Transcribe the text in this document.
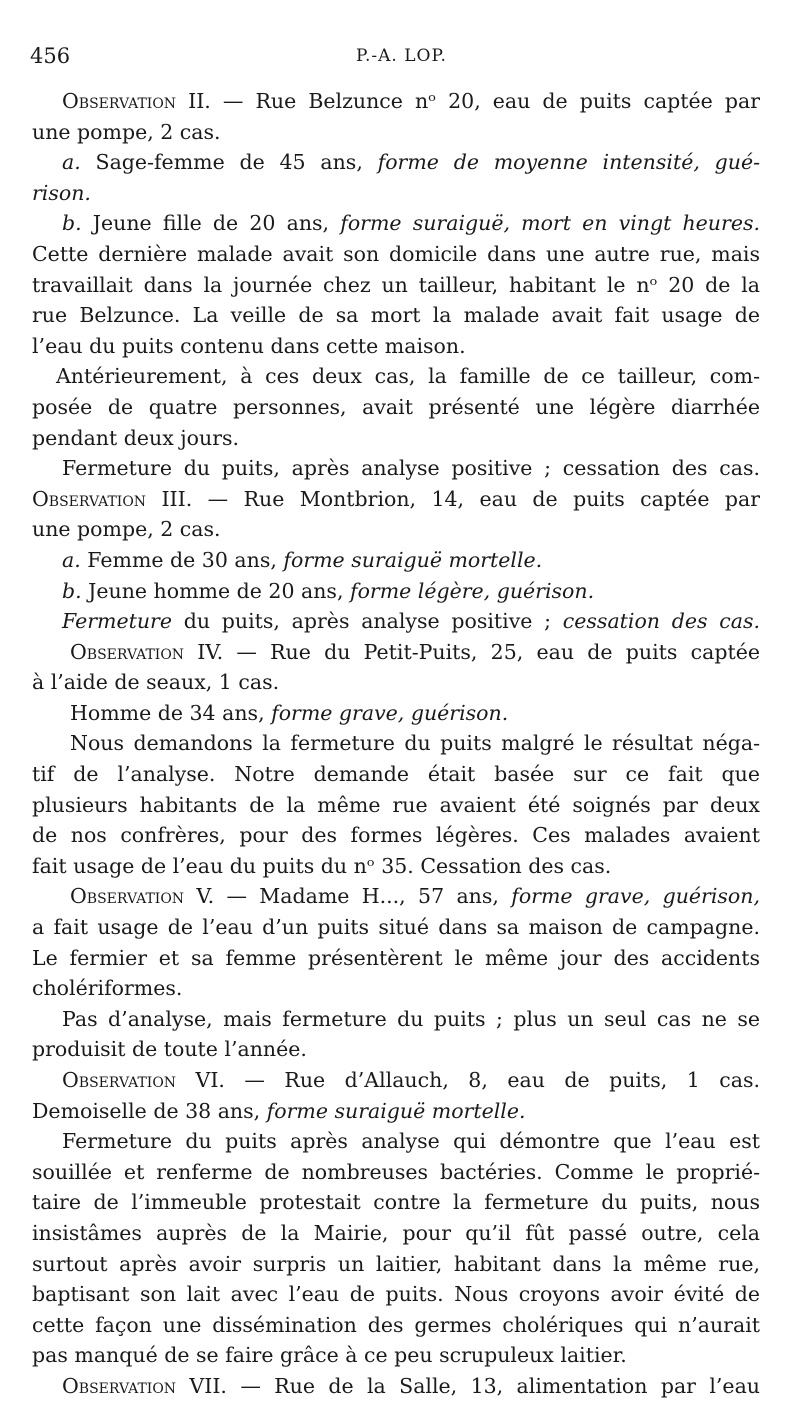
456	P.-A. LOP.
Observation II. — Rue Belzunce nᵒ 20, eau de puits captée par
une pompe, 2 cas.
a. Sage-femme de 45 ans, forme de moyenne intensité, gué-
rison.
b. Jeune fille de 20 ans, forme suraiguë, mort en vingt heures.
Cette dernière malade avait son domicile dans une autre rue, mais
travaillait dans la journée chez un tailleur, habitant le nᵒ 20 de la
rue Belzunce. La veille de sa mort la malade avait fait usage de
l’eau du puits contenu dans cette maison.
Antérieurement, à ces deux cas, la famille de ce tailleur, com-
posée de quatre personnes, avait présenté une légère diarrhée
pendant deux jours.
Fermeture du puits, après analyse positive ; cessation des cas.
Observation III. — Rue Montbrion, 14, eau de puits captée par
une pompe, 2 cas.
a. Femme de 30 ans, forme suraiguë mortelle.
b. Jeune homme de 20 ans, forme légère, guérison.
Fermeture du puits, après analyse positive ; cessation des cas.
Observation IV. — Rue du Petit-Puits, 25, eau de puits captée
à l’aide de seaux, 1 cas.
Homme de 34 ans, forme grave, guérison.
Nous demandons la fermeture du puits malgré le résultat néga-
tif de l’analyse. Notre demande était basée sur ce fait que
plusieurs habitants de la même rue avaient été soignés par deux
de nos confrères, pour des formes légères. Ces malades avaient
fait usage de l’eau du puits du nᵒ 35. Cessation des cas.
Observation V. — Madame H..., 57 ans, forme grave, guérison,
a fait usage de l’eau d’un puits situé dans sa maison de campagne.
Le fermier et sa femme présentèrent le même jour des accidents
cholériformes.
Pas d’analyse, mais fermeture du puits ; plus un seul cas ne se
produisit de toute l’année.
Observation VI. — Rue d’Allauch, 8, eau de puits, 1 cas.
Demoiselle de 38 ans, forme suraiguë mortelle.
Fermeture du puits après analyse qui démontre que l’eau est
souillée et renferme de nombreuses bactéries. Comme le proprié-
taire de l’immeuble protestait contre la fermeture du puits, nous
insistâmes auprès de la Mairie, pour qu’il fût passé outre, cela
surtout après avoir surpris un laitier, habitant dans la même rue,
baptisant son lait avec l’eau de puits. Nous croyons avoir évité de
cette façon une dissémination des germes cholériques qui n’aurait
pas manqué de se faire grâce à ce peu scrupuleux laitier.
Observation VII. — Rue de la Salle, 13, alimentation par l’eau
